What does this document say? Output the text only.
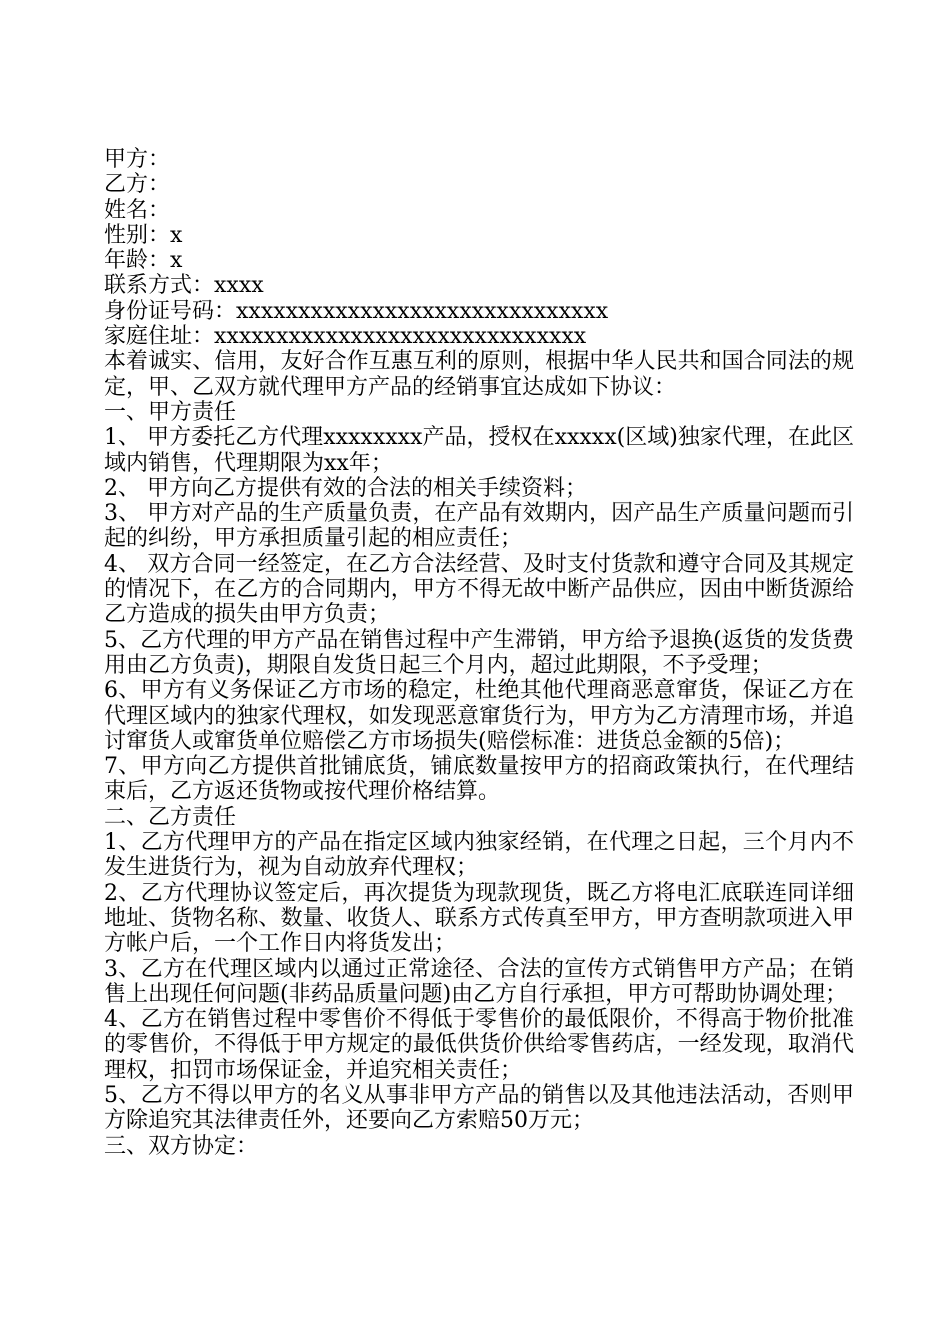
甲方：
乙方：
姓名：
性别：x
年龄：x
联系方式：xxxx
身份证号码：xxxxxxxxxxxxxxxxxxxxxxxxxxxxxx
家庭住址：xxxxxxxxxxxxxxxxxxxxxxxxxxxxxx
本着诚实、信用，友好合作互惠互利的原则，根据中华人民共和国合同法的规定，甲、乙双方就代理甲方产品的经销事宜达成如下协议：
一、甲方责任
1、 甲方委托乙方代理xxxxxxxx产品，授权在xxxxx(区域)独家代理，在此区域内销售，代理期限为xx年；
2、 甲方向乙方提供有效的合法的相关手续资料；
3、 甲方对产品的生产质量负责，在产品有效期内，因产品生产质量问题而引起的纠纷，甲方承担质量引起的相应责任；
4、 双方合同一经签定，在乙方合法经营、及时支付货款和遵守合同及其规定的情况下，在乙方的合同期内，甲方不得无故中断产品供应，因由中断货源给乙方造成的损失由甲方负责；
5、乙方代理的甲方产品在销售过程中产生滞销，甲方给予退换(返货的发货费用由乙方负责)，期限自发货日起三个月内，超过此期限，不予受理；
6、甲方有义务保证乙方市场的稳定，杜绝其他代理商恶意窜货，保证乙方在代理区域内的独家代理权，如发现恶意窜货行为，甲方为乙方清理市场，并追讨窜货人或窜货单位赔偿乙方市场损失(赔偿标准：进货总金额的5倍)；
7、甲方向乙方提供首批铺底货，铺底数量按甲方的招商政策执行，在代理结束后，乙方返还货物或按代理价格结算。
二、乙方责任
1、乙方代理甲方的产品在指定区域内独家经销，在代理之日起，三个月内不发生进货行为，视为自动放弃代理权；
2、乙方代理协议签定后，再次提货为现款现货，既乙方将电汇底联连同详细地址、货物名称、数量、收货人、联系方式传真至甲方，甲方查明款项进入甲方帐户后，一个工作日内将货发出；
3、乙方在代理区域内以通过正常途径、合法的宣传方式销售甲方产品；在销售上出现任何问题(非药品质量问题)由乙方自行承担，甲方可帮助协调处理；
4、乙方在销售过程中零售价不得低于零售价的最低限价，不得高于物价批准的零售价，不得低于甲方规定的最低供货价供给零售药店，一经发现，取消代理权，扣罚市场保证金，并追究相关责任；
5、乙方不得以甲方的名义从事非甲方产品的销售以及其他违法活动，否则甲方除追究其法律责任外，还要向乙方索赔50万元；
三、双方协定：
